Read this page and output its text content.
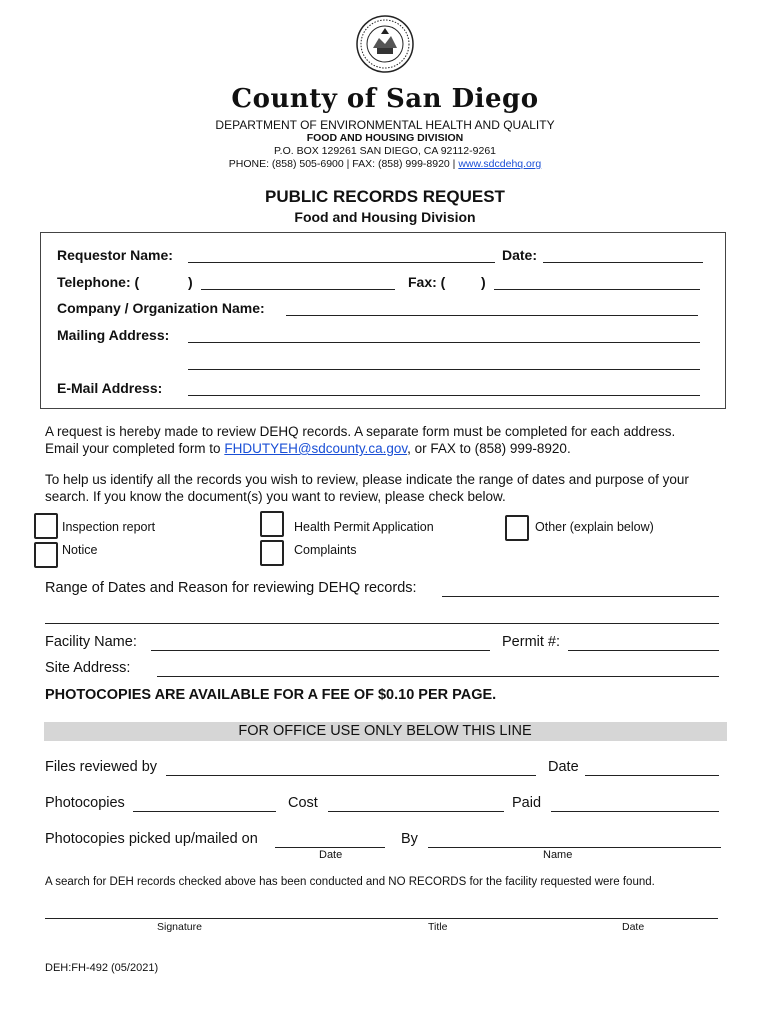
County of San Diego
DEPARTMENT OF ENVIRONMENTAL HEALTH AND QUALITY
FOOD AND HOUSING DIVISION
P.O. BOX 129261 SAN DIEGO, CA 92112-9261
PHONE: (858) 505-6900 | FAX: (858) 999-8920 | www.sdcdehq.org
PUBLIC RECORDS REQUEST
Food and Housing Division
Requestor Name:	Date:
Telephone: (	)	Fax: (	)
Company / Organization Name:
Mailing Address:
E-Mail Address:
A request is hereby made to review DEHQ records. A separate form must be completed for each address.
Email your completed form to FHDUTYEH@sdcounty.ca.gov, or FAX to (858) 999-8920.
To help us identify all the records you wish to review, please indicate the range of dates and purpose of your
search. If you know the document(s) you want to review, please check below.
Inspection report
Notice
Health Permit Application
Complaints
Other (explain below)
Range of Dates and Reason for reviewing DEHQ records:
Facility Name:	Permit #:
Site Address:
PHOTOCOPIES ARE AVAILABLE FOR A FEE OF $0.10 PER PAGE.
FOR OFFICE USE ONLY BELOW THIS LINE
Files reviewed by	Date
Photocopies	Cost	Paid
Photocopies picked up/mailed on	By
Date	Name
A search for DEH records checked above has been conducted and NO RECORDS for the facility requested were found.
Signature	Title	Date
DEH:FH-492 (05/2021)
